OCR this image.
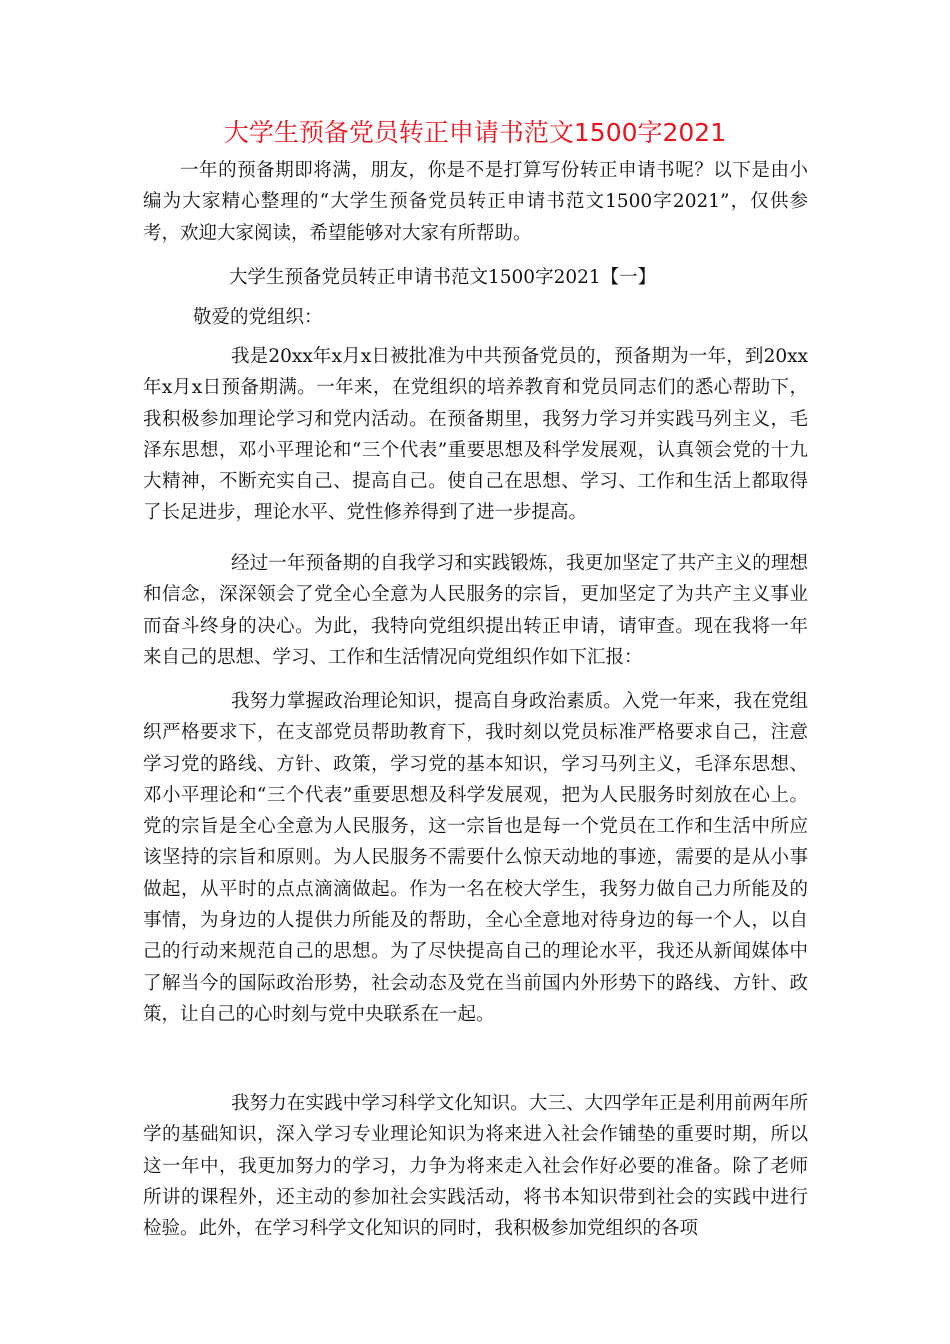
大学生预备党员转正申请书范文1500字2021
一年的预备期即将满，朋友，你是不是打算写份转正申请书呢？以下是由小编为大家精心整理的“大学生预备党员转正申请书范文1500字2021”，仅供参考，欢迎大家阅读，希望能够对大家有所帮助。
大学生预备党员转正申请书范文1500字2021【一】
敬爱的党组织：
我是20xx年x月x日被批准为中共预备党员的，预备期为一年，到20xx年x月x日预备期满。一年来，在党组织的培养教育和党员同志们的悉心帮助下，我积极参加理论学习和党内活动。在预备期里，我努力学习并实践马列主义，毛泽东思想，邓小平理论和“三个代表”重要思想及科学发展观，认真领会党的十九大精神，不断充实自己、提高自己。使自己在思想、学习、工作和生活上都取得了长足进步，理论水平、党性修养得到了进一步提高。
经过一年预备期的自我学习和实践锻炼，我更加坚定了共产主义的理想和信念，深深领会了党全心全意为人民服务的宗旨，更加坚定了为共产主义事业而奋斗终身的决心。为此，我特向党组织提出转正申请，请审查。现在我将一年来自己的思想、学习、工作和生活情况向党组织作如下汇报：
我努力掌握政治理论知识，提高自身政治素质。入党一年来，我在党组织严格要求下，在支部党员帮助教育下，我时刻以党员标准严格要求自己，注意学习党的路线、方针、政策，学习党的基本知识，学习马列主义，毛泽东思想、邓小平理论和“三个代表”重要思想及科学发展观，把为人民服务时刻放在心上。党的宗旨是全心全意为人民服务，这一宗旨也是每一个党员在工作和生活中所应该坚持的宗旨和原则。为人民服务不需要什么惊天动地的事迹，需要的是从小事做起，从平时的点点滴滴做起。作为一名在校大学生，我努力做自己力所能及的事情，为身边的人提供力所能及的帮助，全心全意地对待身边的每一个人，以自己的行动来规范自己的思想。为了尽快提高自己的理论水平，我还从新闻媒体中了解当今的国际政治形势，社会动态及党在当前国内外形势下的路线、方针、政策，让自己的心时刻与党中央联系在一起。
我努力在实践中学习科学文化知识。大三、大四学年正是利用前两年所学的基础知识，深入学习专业理论知识为将来进入社会作铺垫的重要时期，所以这一年中，我更加努力的学习，力争为将来走入社会作好必要的准备。除了老师所讲的课程外，还主动的参加社会实践活动，将书本知识带到社会的实践中进行检验。此外，在学习科学文化知识的同时，我积极参加党组织的各项
